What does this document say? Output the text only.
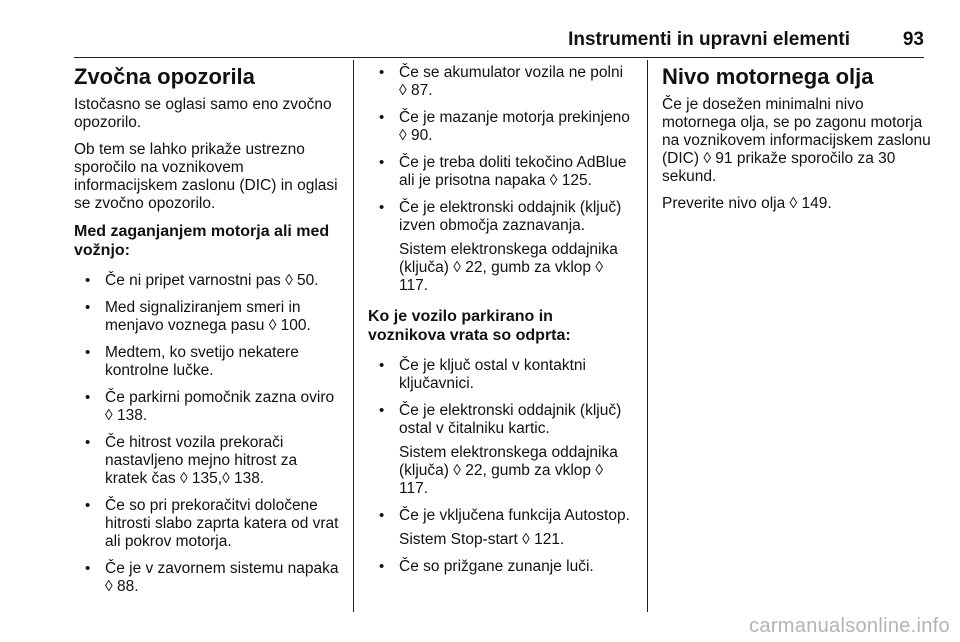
Instrumenti in upravni elementi	93
Zvočna opozorila

Istočasno se oglasi samo eno zvočno opozorilo.

Ob tem se lahko prikaže ustrezno sporočilo na voznikovem informacijskem zaslonu (DIC) in oglasi se zvočno opozorilo.

Med zaganjanjem motorja ali med vožnjo:
• Če ni pripet varnostni pas ◊ 50.
• Med signaliziranjem smeri in menjavo voznega pasu ◊ 100.
• Medtem, ko svetijo nekatere kontrolne lučke.
• Če parkirni pomočnik zazna oviro ◊ 138.
• Če hitrost vozila prekorači nastavljeno mejno hitrost za kratek čas ◊ 135,◊ 138.
• Če so pri prekoračitvi določene hitrosti slabo zaprta katera od vrat ali pokrov motorja.
• Če je v zavornem sistemu napaka ◊ 88.
• Če se akumulator vozila ne polni ◊ 87.
• Če je mazanje motorja prekinjeno ◊ 90.
• Če je treba doliti tekočino AdBlue ali je prisotna napaka ◊ 125.
• Če je elektronski oddajnik (ključ) izven območja zaznavanja.

Sistem elektronskega oddajnika (ključa) ◊ 22, gumb za vklop ◊ 117.

Ko je vozilo parkirano in voznikova vrata so odprta:
• Če je ključ ostal v kontaktni ključavnici.
• Če je elektronski oddajnik (ključ) ostal v čitalniku kartic.

Sistem elektronskega oddajnika (ključa) ◊ 22, gumb za vklop ◊ 117.

• Če je vključena funkcija Autostop.

Sistem Stop-start ◊ 121.

• Če so prižgane zunanje luči.
Nivo motornega olja

Če je dosežen minimalni nivo motornega olja, se po zagonu motorja na voznikovem informacijskem zaslonu (DIC) ◊ 91 prikaže sporočilo za 30 sekund.

Preverite nivo olja ◊ 149.

carmanualsonline.info
